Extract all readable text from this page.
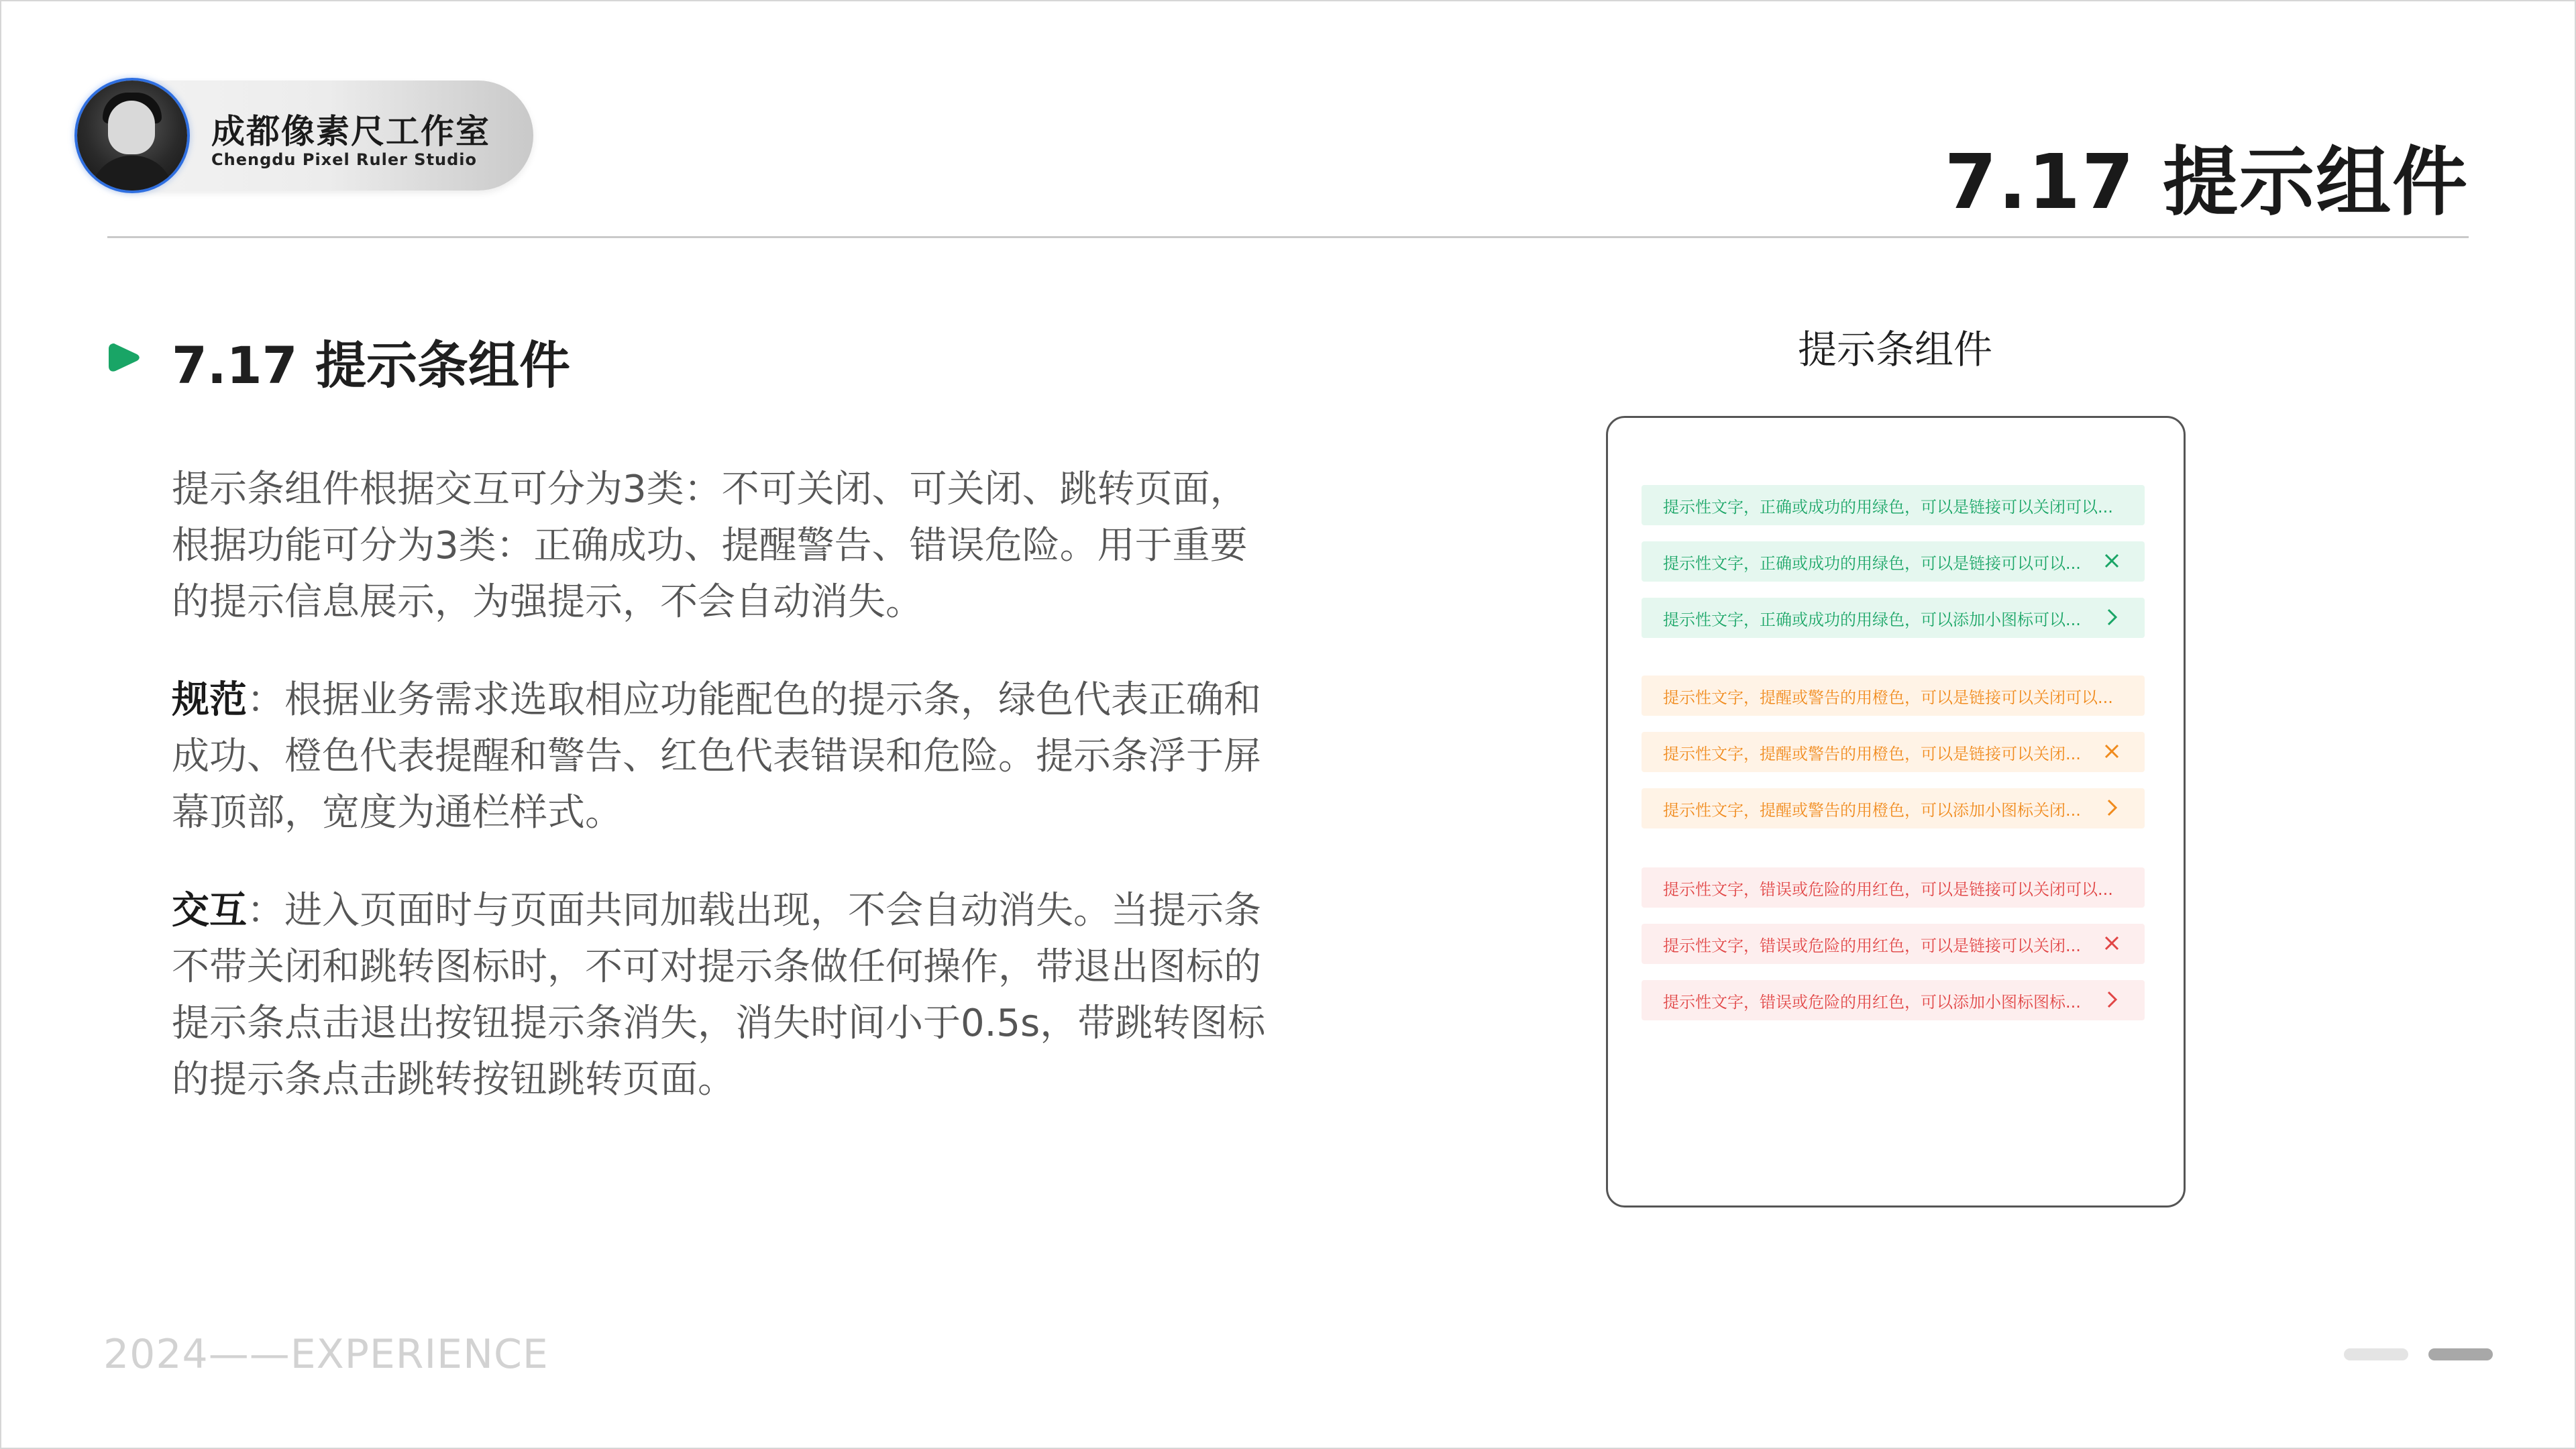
成都像素尺工作室
Chengdu Pixel Ruler Studio	7.17 提示组件
7.17 提示条组件

提示条组件根据交互可分为3类：不可关闭、可关闭、跳转页面，根据功能可分为3类：正确成功、提醒警告、错误危险。用于重要的提示信息展示，为强提示，不会自动消失。

规范：根据业务需求选取相应功能配色的提示条，绿色代表正确和成功、橙色代表提醒和警告、红色代表错误和危险。提示条浮于屏幕顶部，宽度为通栏样式。

交互：进入页面时与页面共同加载出现，不会自动消失。当提示条不带关闭和跳转图标时，不可对提示条做任何操作，带退出图标的提示条点击退出按钮提示条消失，消失时间小于0.5s，带跳转图标的提示条点击跳转按钮跳转页面。

提示条组件
提示性文字，正确或成功的用绿色，可以是链接可以关闭可以...
提示性文字，正确或成功的用绿色，可以是链接可以可以...
提示性文字，正确或成功的用绿色，可以添加小图标可以...
提示性文字，提醒或警告的用橙色，可以是链接可以关闭可以...
提示性文字，提醒或警告的用橙色，可以是链接可以关闭...
提示性文字，提醒或警告的用橙色，可以添加小图标关闭...
提示性文字，错误或危险的用红色，可以是链接可以关闭可以...
提示性文字，错误或危险的用红色，可以是链接可以关闭...
提示性文字，错误或危险的用红色，可以添加小图标图标...
2024——EXPERIENCE
